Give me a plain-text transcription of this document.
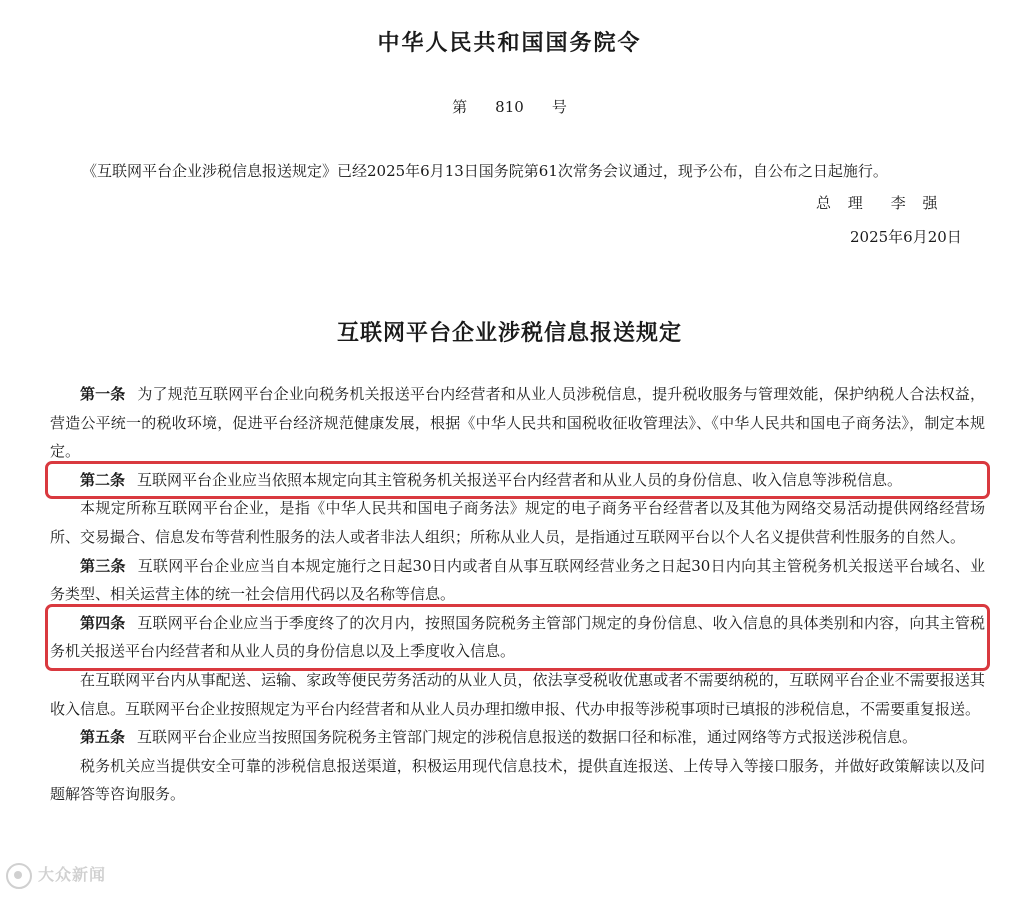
中华人民共和国国务院令
第 810 号
《互联网平台企业涉税信息报送规定》已经2025年6月13日国务院第61次常务会议通过，现予公布，自公布之日起施行。
总 理 李 强
2025年6月20日
互联网平台企业涉税信息报送规定

第一条 为了规范互联网平台企业向税务机关报送平台内经营者和从业人员涉税信息，提升税收服务与管理效能，保护纳税人合法权益，营造公平统一的税收环境，促进平台经济规范健康发展，根据《中华人民共和国税收征收管理法》、《中华人民共和国电子商务法》，制定本规定。

第二条 互联网平台企业应当依照本规定向其主管税务机关报送平台内经营者和从业人员的身份信息、收入信息等涉税信息。

本规定所称互联网平台企业，是指《中华人民共和国电子商务法》规定的电子商务平台经营者以及其他为网络交易活动提供网络经营场所、交易撮合、信息发布等营利性服务的法人或者非法人组织；所称从业人员，是指通过互联网平台以个人名义提供营利性服务的自然人。

第三条 互联网平台企业应当自本规定施行之日起30日内或者自从事互联网经营业务之日起30日内向其主管税务机关报送平台域名、业务类型、相关运营主体的统一社会信用代码以及名称等信息。

第四条 互联网平台企业应当于季度终了的次月内，按照国务院税务主管部门规定的身份信息、收入信息的具体类别和内容，向其主管税务机关报送平台内经营者和从业人员的身份信息以及上季度收入信息。

在互联网平台内从事配送、运输、家政等便民劳务活动的从业人员，依法享受税收优惠或者不需要纳税的，互联网平台企业不需要报送其收入信息。互联网平台企业按照规定为平台内经营者和从业人员办理扣缴申报、代办申报等涉税事项时已填报的涉税信息，不需要重复报送。

第五条 互联网平台企业应当按照国务院税务主管部门规定的涉税信息报送的数据口径和标准，通过网络等方式报送涉税信息。

税务机关应当提供安全可靠的涉税信息报送渠道，积极运用现代信息技术，提供直连报送、上传导入等接口服务，并做好政策解读以及问题解答等咨询服务。

大众新闻
